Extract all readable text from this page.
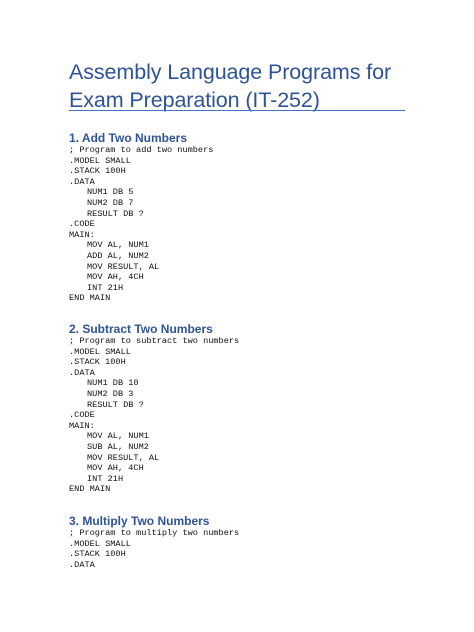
Assembly Language Programs for Exam Preparation (IT-252)
1. Add Two Numbers
; Program to add two numbers
.MODEL SMALL
.STACK 100H
.DATA
NUM1 DB 5
NUM2 DB 7
RESULT DB ?
.CODE
MAIN:
MOV AL, NUM1
ADD AL, NUM2
MOV RESULT, AL
MOV AH, 4CH
INT 21H
END MAIN
2. Subtract Two Numbers
; Program to subtract two numbers
.MODEL SMALL
.STACK 100H
.DATA
NUM1 DB 10
NUM2 DB 3
RESULT DB ?
.CODE
MAIN:
MOV AL, NUM1
SUB AL, NUM2
MOV RESULT, AL
MOV AH, 4CH
INT 21H
END MAIN
3. Multiply Two Numbers
; Program to multiply two numbers
.MODEL SMALL
.STACK 100H
.DATA
